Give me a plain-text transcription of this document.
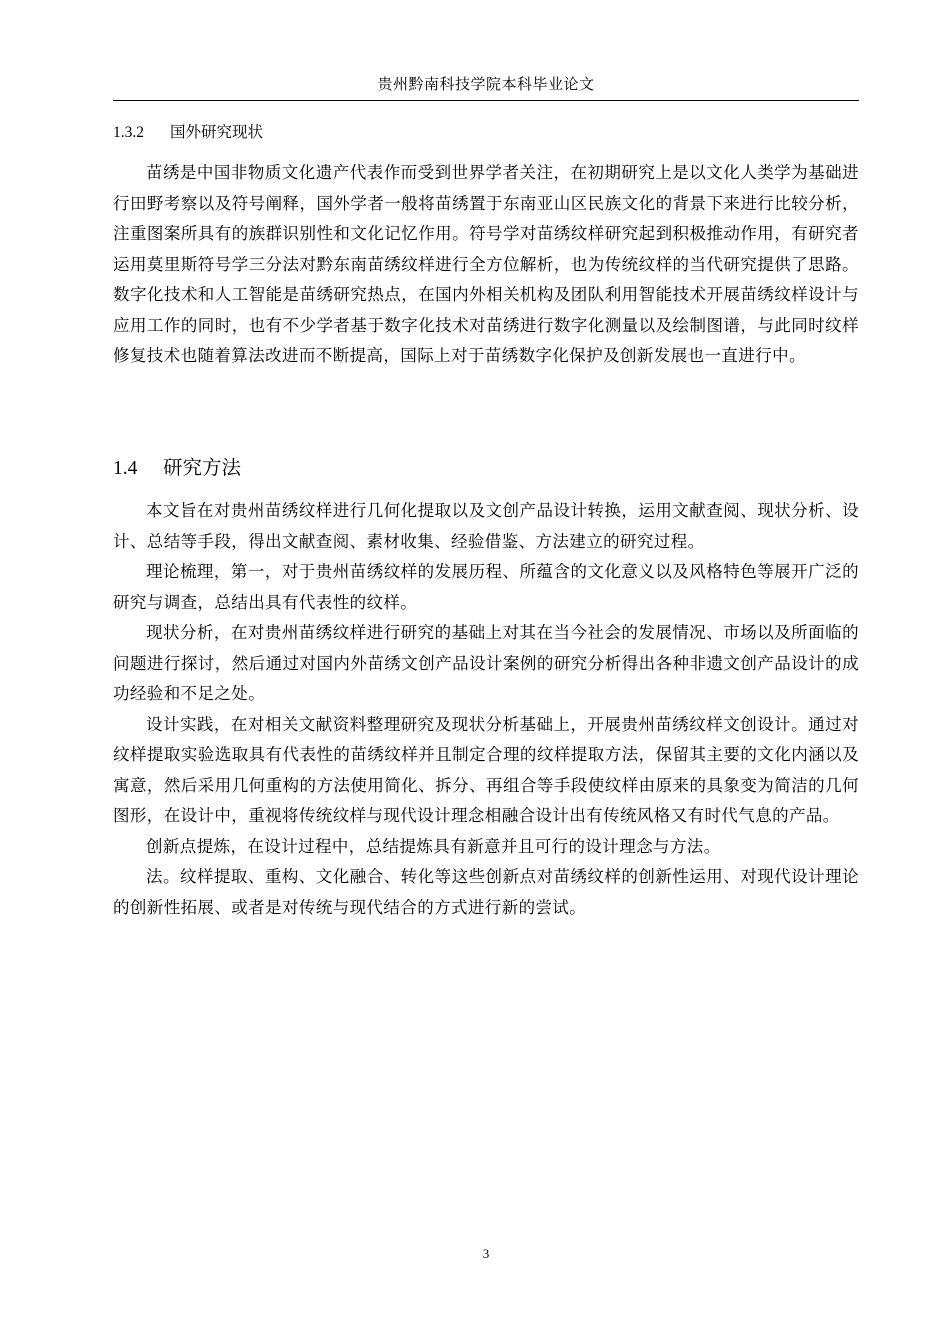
贵州黔南科技学院本科毕业论文
1.3.2 国外研究现状

苗绣是中国非物质文化遗产代表作而受到世界学者关注，在初期研究上是以文化人类学为基础进行田野考察以及符号阐释，国外学者一般将苗绣置于东南亚山区民族文化的背景下来进行比较分析，注重图案所具有的族群识别性和文化记忆作用。符号学对苗绣纹样研究起到积极推动作用，有研究者运用莫里斯符号学三分法对黔东南苗绣纹样进行全方位解析，也为传统纹样的当代研究提供了思路。数字化技术和人工智能是苗绣研究热点，在国内外相关机构及团队利用智能技术开展苗绣纹样设计与应用工作的同时，也有不少学者基于数字化技术对苗绣进行数字化测量以及绘制图谱，与此同时纹样修复技术也随着算法改进而不断提高，国际上对于苗绣数字化保护及创新发展也一直进行中。

1.4 研究方法

本文旨在对贵州苗绣纹样进行几何化提取以及文创产品设计转换，运用文献查阅、现状分析、设计、总结等手段，得出文献查阅、素材收集、经验借鉴、方法建立的研究过程。

理论梳理，第一，对于贵州苗绣纹样的发展历程、所蕴含的文化意义以及风格特色等展开广泛的研究与调查，总结出具有代表性的纹样。

现状分析，在对贵州苗绣纹样进行研究的基础上对其在当今社会的发展情况、市场以及所面临的问题进行探讨，然后通过对国内外苗绣文创产品设计案例的研究分析得出各种非遗文创产品设计的成功经验和不足之处。

设计实践，在对相关文献资料整理研究及现状分析基础上，开展贵州苗绣纹样文创设计。通过对纹样提取实验选取具有代表性的苗绣纹样并且制定合理的纹样提取方法，保留其主要的文化内涵以及寓意，然后采用几何重构的方法使用简化、拆分、再组合等手段使纹样由原来的具象变为简洁的几何图形，在设计中，重视将传统纹样与现代设计理念相融合设计出有传统风格又有时代气息的产品。

创新点提炼，在设计过程中，总结提炼具有新意并且可行的设计理念与方法。

法。纹样提取、重构、文化融合、转化等这些创新点对苗绣纹样的创新性运用、对现代设计理论的创新性拓展、或者是对传统与现代结合的方式进行新的尝试。

3
